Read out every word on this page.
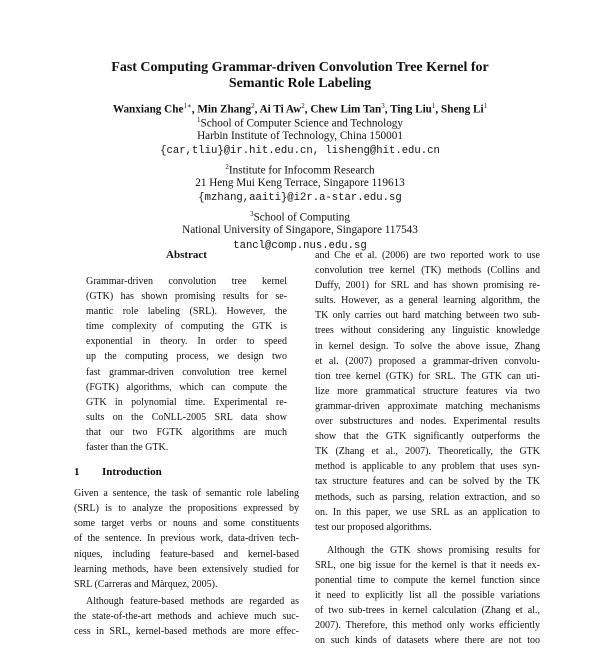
Fast Computing Grammar-driven Convolution Tree Kernel for
Semantic Role Labeling
Wanxiang Che$^{1∗}$, Min Zhang$^2$, Ai Ti Aw$^2$, Chew Lim Tan$^3$, Ting Liu$^1$, Sheng Li$^1$
$^1$School of Computer Science and Technology
Harbin Institute of Technology, China 150001
{car,tliu}@ir.hit.edu.cn, lisheng@hit.edu.cn
$^2$Institute for Infocomm Research
21 Heng Mui Keng Terrace, Singapore 119613
{mzhang,aaiti}@i2r.a-star.edu.sg
$^3$School of Computing
National University of Singapore, Singapore 117543
tancl@comp.nus.edu.sg
Abstract
Grammar-driven convolution tree kernel
(GTK) has shown promising results for se-
mantic role labeling (SRL). However, the
time complexity of computing the GTK is
exponential in theory. In order to speed
up the computing process, we design two
fast grammar-driven convolution tree kernel
(FGTK) algorithms, which can compute the
GTK in polynomial time. Experimental re-
sults on the CoNLL-2005 SRL data show
that our two FGTK algorithms are much
faster than the GTK.
1 Introduction
Given a sentence, the task of semantic role labeling
(SRL) is to analyze the propositions expressed by
some target verbs or nouns and some constituents
of the sentence. In previous work, data-driven tech-
niques, including feature-based and kernel-based
learning methods, have been extensively studied for
SRL (Carreras and Màrquez, 2005).
Although feature-based methods are regarded as
the state-of-the-art methods and achieve much suc-
cess in SRL, kernel-based methods are more effec-
and Che et al. (2006) are two reported work to use
convolution tree kernel (TK) methods (Collins and
Duffy, 2001) for SRL and has shown promising re-
sults. However, as a general learning algorithm, the
TK only carries out hard matching between two sub-
trees without considering any linguistic knowledge
in kernel design. To solve the above issue, Zhang
et al. (2007) proposed a grammar-driven convolu-
tion tree kernel (GTK) for SRL. The GTK can uti-
lize more grammatical structure features via two
grammar-driven approximate matching mechanisms
over substructures and nodes. Experimental results
show that the GTK significantly outperforms the
TK (Zhang et al., 2007). Theoretically, the GTK
method is applicable to any problem that uses syn-
tax structure features and can be solved by the TK
methods, such as parsing, relation extraction, and so
on. In this paper, we use SRL as an application to
test our proposed algorithms.
Although the GTK shows promising results for
SRL, one big issue for the kernel is that it needs ex-
ponential time to compute the kernel function since
it need to explicitly list all the possible variations
of two sub-trees in kernel calculation (Zhang et al.,
2007). Therefore, this method only works efficiently
on such kinds of datasets where there are not too
